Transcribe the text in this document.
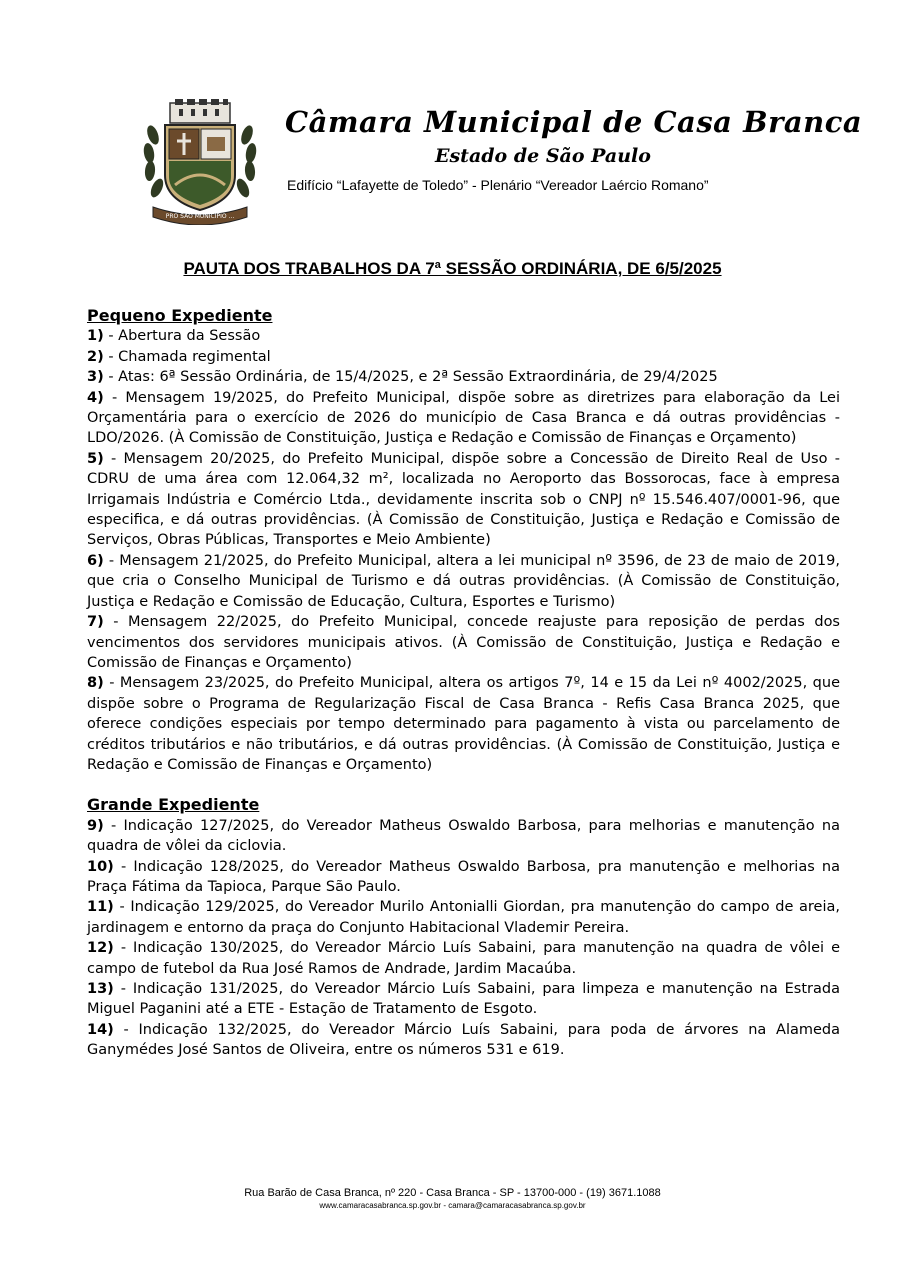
PRO SÃO MUNICÍPIO ...
Câmara Municipal de Casa Branca
Estado de São Paulo
Edifício “Lafayette de Toledo” - Plenário “Vereador Laércio Romano”
PAUTA DOS TRABALHOS DA 7ª SESSÃO ORDINÁRIA, DE 6/5/2025
Pequeno Expediente
1) - Abertura da Sessão
2) - Chamada regimental
3) - Atas: 6ª Sessão Ordinária, de 15/4/2025, e 2ª Sessão Extraordinária, de 29/4/2025
4) - Mensagem 19/2025, do Prefeito Municipal, dispõe sobre as diretrizes para elaboração da Lei Orçamentária para o exercício de 2026 do município de Casa Branca e dá outras providências - LDO/2026. (À Comissão de Constituição, Justiça e Redação e Comissão de Finanças e Orçamento)
5) - Mensagem 20/2025, do Prefeito Municipal, dispõe sobre a Concessão de Direito Real de Uso - CDRU de uma área com 12.064,32 m², localizada no Aeroporto das Bossorocas, face à empresa Irrigamais Indústria e Comércio Ltda., devidamente inscrita sob o CNPJ nº 15.546.407/0001-96, que especifica, e dá outras providências. (À Comissão de Constituição, Justiça e Redação e Comissão de Serviços, Obras Públicas, Transportes e Meio Ambiente)
6) - Mensagem 21/2025, do Prefeito Municipal, altera a lei municipal nº 3596, de 23 de maio de 2019, que cria o Conselho Municipal de Turismo e dá outras providências. (À Comissão de Constituição, Justiça e Redação e Comissão de Educação, Cultura, Esportes e Turismo)
7) - Mensagem 22/2025, do Prefeito Municipal, concede reajuste para reposição de perdas dos vencimentos dos servidores municipais ativos. (À Comissão de Constituição, Justiça e Redação e Comissão de Finanças e Orçamento)
8) - Mensagem 23/2025, do Prefeito Municipal, altera os artigos 7º, 14 e 15 da Lei nº 4002/2025, que dispõe sobre o Programa de Regularização Fiscal de Casa Branca - Refis Casa Branca 2025, que oferece condições especiais por tempo determinado para pagamento à vista ou parcelamento de créditos tributários e não tributários, e dá outras providências. (À Comissão de Constituição, Justiça e Redação e Comissão de Finanças e Orçamento)
Grande Expediente
9) - Indicação 127/2025, do Vereador Matheus Oswaldo Barbosa, para melhorias e manutenção na quadra de vôlei da ciclovia.
10) - Indicação 128/2025, do Vereador Matheus Oswaldo Barbosa, pra manutenção e melhorias na Praça Fátima da Tapioca, Parque São Paulo.
11) - Indicação 129/2025, do Vereador Murilo Antonialli Giordan, pra manutenção do campo de areia, jardinagem e entorno da praça do Conjunto Habitacional Vlademir Pereira.
12) - Indicação 130/2025, do Vereador Márcio Luís Sabaini, para manutenção na quadra de vôlei e campo de futebol da Rua José Ramos de Andrade, Jardim Macaúba.
13) - Indicação 131/2025, do Vereador Márcio Luís Sabaini, para limpeza e manutenção na Estrada Miguel Paganini até a ETE - Estação de Tratamento de Esgoto.
14) - Indicação 132/2025, do Vereador Márcio Luís Sabaini, para poda de árvores na Alameda Ganymédes José Santos de Oliveira, entre os números 531 e 619.
Rua Barão de Casa Branca, nº 220 - Casa Branca - SP - 13700-000 - (19) 3671.1088
www.camaracasabranca.sp.gov.br - camara@camaracasabranca.sp.gov.br
